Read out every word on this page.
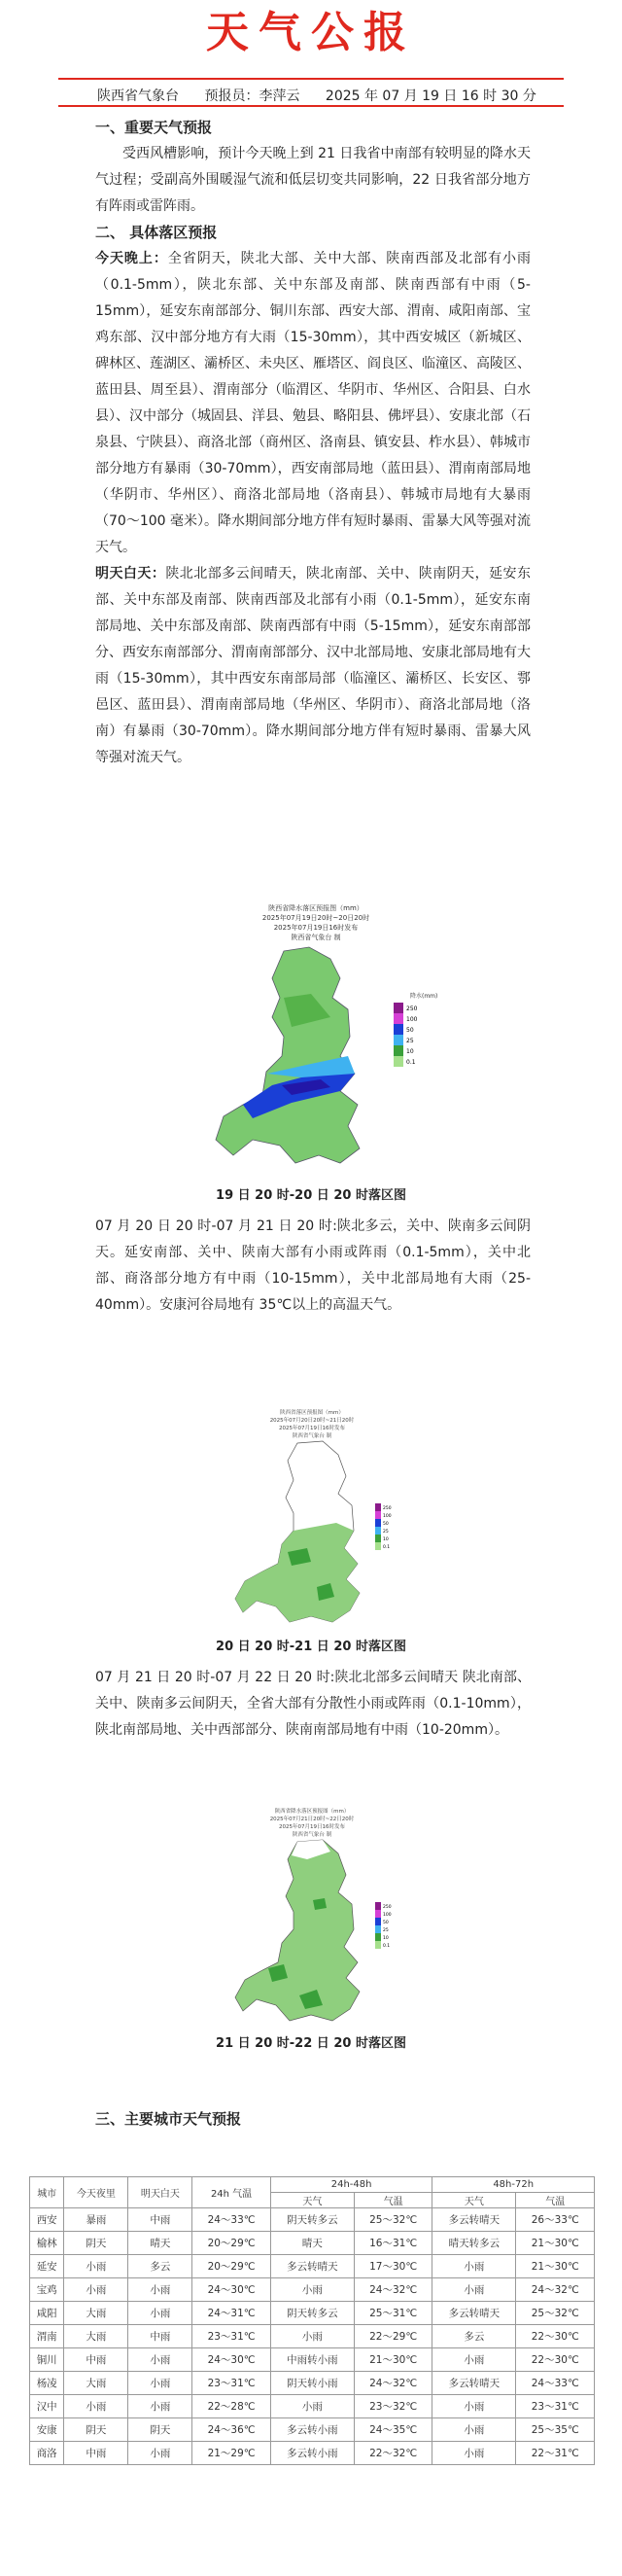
天气公报
陕西省气象台 预报员：李萍云 2025 年 07 月 19 日 16 时 30 分
一、重要天气预报

受西风槽影响，预计今天晚上到 21 日我省中南部有较明显的降水天气过程；受副高外围暖湿气流和低层切变共同影响，22 日我省部分地方有阵雨或雷阵雨。

二、 具体落区预报

今天晚上：全省阴天，陕北大部、关中大部、陕南西部及北部有小雨（0.1-5mm），陕北东部、关中东部及南部、陕南西部有中雨（5-15mm），延安东南部部分、铜川东部、西安大部、渭南、咸阳南部、宝鸡东部、汉中部分地方有大雨（15-30mm），其中西安城区（新城区、碑林区、莲湖区、灞桥区、未央区、雁塔区、阎良区、临潼区、高陵区、蓝田县、周至县）、渭南部分（临渭区、华阴市、华州区、合阳县、白水县）、汉中部分（城固县、洋县、勉县、略阳县、佛坪县）、安康北部（石泉县、宁陕县）、商洛北部（商州区、洛南县、镇安县、柞水县）、韩城市部分地方有暴雨（30-70mm），西安南部局地（蓝田县）、渭南南部局地（华阴市、华州区）、商洛北部局地（洛南县）、韩城市局地有大暴雨（70～100 毫米）。降水期间部分地方伴有短时暴雨、雷暴大风等强对流天气。

明天白天：陕北北部多云间晴天，陕北南部、关中、陕南阴天，延安东部、关中东部及南部、陕南西部及北部有小雨（0.1-5mm），延安东南部局地、关中东部及南部、陕南西部有中雨（5-15mm），延安东南部部分、西安东南部部分、渭南南部部分、汉中北部局地、安康北部局地有大雨（15-30mm），其中西安东南部局部（临潼区、灞桥区、长安区、鄠邑区、蓝田县）、渭南南部局地（华州区、华阴市）、商洛北部局地（洛南）有暴雨（30-70mm）。降水期间部分地方伴有短时暴雨、雷暴大风等强对流天气。

陕西省降水落区预报图（mm）
2025年07月19日20时~20日20时
2025年07月19日16时发布
陕西省气象台 制
降水(mm)
250
100
50
25
10
0.1
19 日 20 时-20 日 20 时落区图

07 月 20 日 20 时-07 月 21 日 20 时:陕北多云，关中、陕南多云间阴天。延安南部、关中、陕南大部有小雨或阵雨（0.1-5mm），关中北部、商洛部分地方有中雨（10-15mm），关中北部局地有大雨（25-40mm）。安康河谷局地有 35℃以上的高温天气。

陕西省落区预报图（mm）
2025年07月20日20时~21日20时
2025年07月19日16时发布
陕西省气象台 制
250
100
50
25
10
0.1
20 日 20 时-21 日 20 时落区图

07 月 21 日 20 时-07 月 22 日 20 时:陕北北部多云间晴天 陕北南部、关中、陕南多云间阴天，全省大部有分散性小雨或阵雨（0.1-10mm），陕北南部局地、关中西部部分、陕南南部局地有中雨（10-20mm）。

陕西省降水落区预报图（mm）
2025年07月21日20时~22日20时
2025年07月19日16时发布
陕西省气象台 制
250
100
50
25
10
0.1
21 日 20 时-22 日 20 时落区图
三、主要城市天气预报
城市	今天夜里	明天白天	24h 气温	24h-48h		48h-72h	
				天气	气温	天气	气温
西安	暴雨	中雨	24～33℃	阴天转多云	25～32℃	多云转晴天	26～33℃
榆林	阴天	晴天	20～29℃	晴天	16～31℃	晴天转多云	21～30℃
延安	小雨	多云	20～29℃	多云转晴天	17～30℃	小雨	21～30℃
宝鸡	小雨	小雨	24～30℃	小雨	24～32℃	小雨	24～32℃
咸阳	大雨	小雨	24～31℃	阴天转多云	25～31℃	多云转晴天	25～32℃
渭南	大雨	中雨	23～31℃	小雨	22～29℃	多云	22～30℃
铜川	中雨	小雨	24～30℃	中雨转小雨	21～30℃	小雨	22～30℃
杨凌	大雨	小雨	23～31℃	阴天转小雨	24～32℃	多云转晴天	24～33℃
汉中	小雨	小雨	22～28℃	小雨	23～32℃	小雨	23～31℃
安康	阴天	阴天	24～36℃	多云转小雨	24～35℃	小雨	25～35℃
商洛	中雨	小雨	21～29℃	多云转小雨	22～32℃	小雨	22～31℃
